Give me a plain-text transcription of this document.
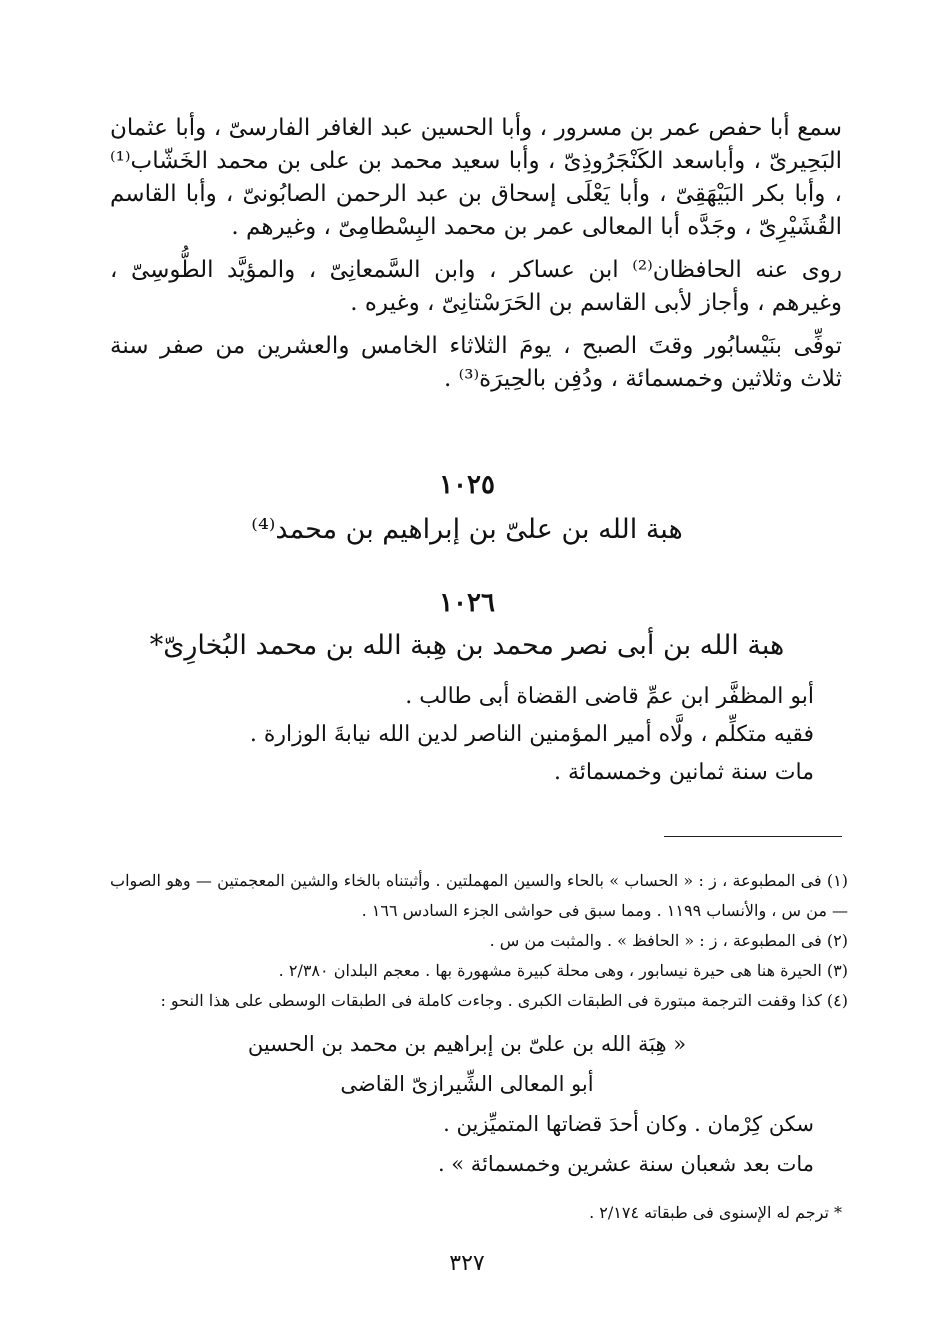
سمع أبا حفص عمر بن مسرور ، وأبا الحسين عبد الغافر الفارسىّ ، وأبا عثمان البَحِيرىّ ، وأباسعد الكَنْجَرُوذِىّ ، وأبا سعيد محمد بن على بن محمد الخَشّاب⁽¹⁾ ، وأبا بكر البَيْهَقِىّ ، وأبا يَعْلَى إسحاق بن عبد الرحمن الصابُونىّ ، وأبا القاسم القُشَيْرِىّ ، وجَدَّه أبا المعالى عمر بن محمد البِسْطامِىّ ، وغيرهم .

روى عنه الحافظان⁽²⁾ ابن عساكر ، وابن السَّمعانِىّ ، والمؤيَّد الطُّوسِىّ ، وغيرهم ، وأجاز لأبى القاسم بن الحَرَسْتانِىّ ، وغيره .

توفِّى بنَيْسابُور وقتَ الصبح ، يومَ الثلاثاء الخامس والعشرين من صفر سنة ثلاث وثلاثين وخمسمائة ، ودُفِن بالحِيرَة⁽³⁾ .

١٠٢٥
هبة الله بن علىّ بن إبراهيم بن محمد⁽⁴⁾
١٠٢٦
هبة الله بن أبى نصر محمد بن هِبة الله بن محمد البُخارِىّ*
أبو المظفَّر ابن عمِّ قاضى القضاة أبى طالب .
فقيه متكلِّم ، ولَّاه أمير المؤمنين الناصر لدين الله نيابةَ الوزارة .
مات سنة ثمانين وخمسمائة .

(١) فى المطبوعة ، ز : « الحساب » بالحاء والسين المهملتين . وأثبتناه بالخاء والشين المعجمتين — وهو الصواب — من س ، والأنساب ١١٩٩ . ومما سبق فى حواشى الجزء السادس ١٦٦ .

(٢) فى المطبوعة ، ز : « الحافظ » . والمثبت من س .

(٣) الحيرة هنا هى حيرة نيسابور ، وهى محلة كبيرة مشهورة بها . معجم البلدان ٢/٣٨٠ .

(٤) كذا وقفت الترجمة مبتورة فى الطبقات الكبرى . وجاءت كاملة فى الطبقات الوسطى على هذا النحو :

« هِبَة الله بن علىّ بن إبراهيم بن محمد بن الحسين
أبو المعالى الشِّيرازىّ القاضى
سكن كِرْمان . وكان أحدَ قضاتها المتميِّزين .
مات بعد شعبان سنة عشرين وخمسمائة » .
* ترجم له الإسنوى فى طبقاته ٢/١٧٤ .
٣٢٧
